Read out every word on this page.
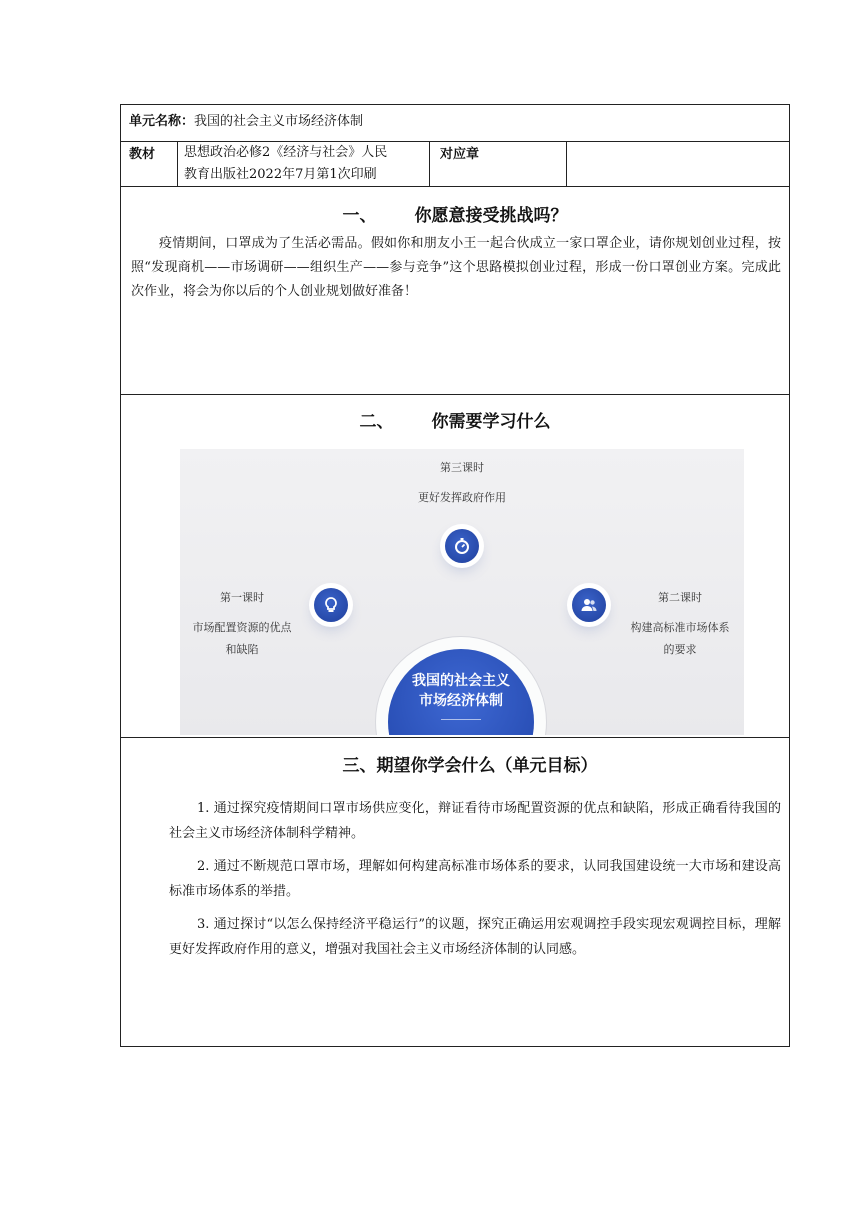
单元名称：我国的社会主义市场经济体制
教材 思想政治必修2《经济与社会》人民
教育出版社2022年7月第1次印刷
对应章
一、 你愿意接受挑战吗？
疫情期间，口罩成为了生活必需品。假如你和朋友小王一起合伙成立一家口罩企业，请你规划创业过程，按照“发现商机——市场调研——组织生产——参与竞争”这个思路模拟创业过程，形成一份口罩创业方案。完成此次作业，将会为你以后的个人创业规划做好准备！
二、 你需要学习什么
第三课时
更好发挥政府作用
第一课时
市场配置资源的优点
和缺陷
第二课时
构建高标准市场体系
的要求
我国的社会主义
市场经济体制
三、期望你学会什么（单元目标）
1. 通过探究疫情期间口罩市场供应变化，辩证看待市场配置资源的优点和缺陷，形成正确看待我国的社会主义市场经济体制科学精神。
2. 通过不断规范口罩市场，理解如何构建高标准市场体系的要求，认同我国建设统一大市场和建设高标准市场体系的举措。
3. 通过探讨“以怎么保持经济平稳运行”的议题，探究正确运用宏观调控手段实现宏观调控目标，理解更好发挥政府作用的意义，增强对我国社会主义市场经济体制的认同感。
